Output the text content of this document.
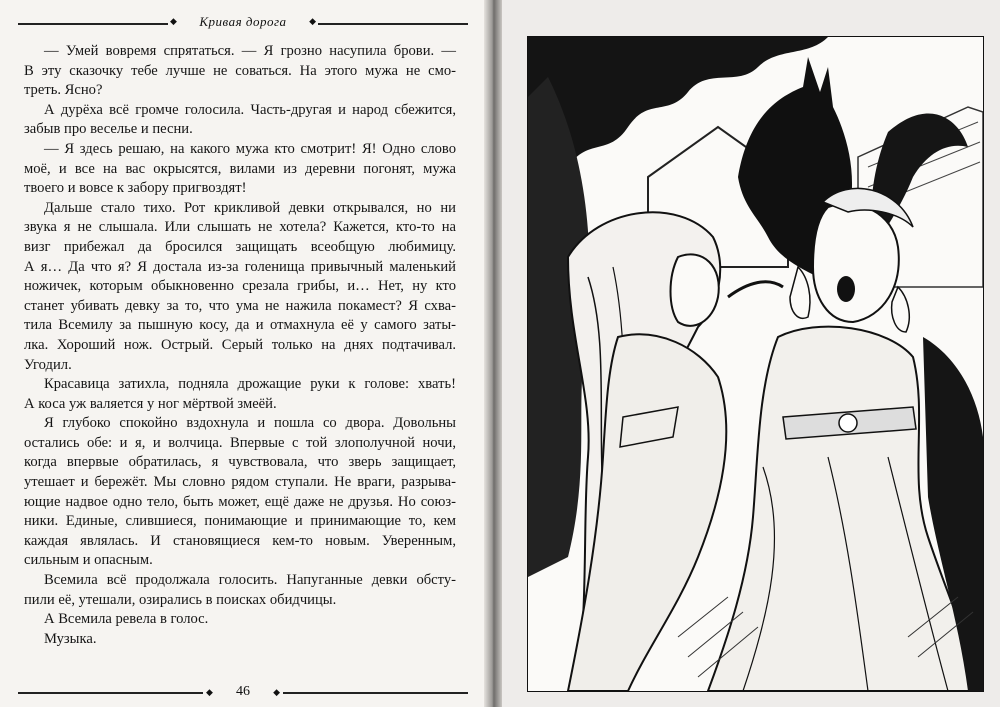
◆	Кривая дорога	◆
— Умей вовремя спрятаться. — Я грозно насупила брови. —
В эту сказочку тебе лучше не соваться. На этого мужа не смо-
треть. Ясно?
А дурёха всё громче голосила. Часть-другая и народ сбежится,
забыв про веселье и песни.
— Я здесь решаю, на какого мужа кто смотрит! Я! Одно слово
моё, и все на вас окрысятся, вилами из деревни погонят, мужа
твоего и вовсе к забору пригвоздят!
Дальше стало тихо. Рот крикливой девки открывался, но ни
звука я не слышала. Или слышать не хотела? Кажется, кто-то на
визг прибежал да бросился защищать всеобщую любимицу.
А я… Да что я? Я достала из-за голенища привычный маленький
ножичек, которым обыкновенно срезала грибы, и… Нет, ну кто
станет убивать девку за то, что ума не нажила покамест? Я схва-
тила Всемилу за пышную косу, да и отмахнула её у самого заты-
лка. Хороший нож. Острый. Серый только на днях подтачивал.
Угодил.
Красавица затихла, подняла дрожащие руки к голове: хвать!
А коса уж валяется у ног мёртвой змеёй.
Я глубоко спокойно вздохнула и пошла со двора. Довольны
остались обе: и я, и волчица. Впервые с той злополучной ночи,
когда впервые обратилась, я чувствовала, что зверь защищает,
утешает и бережёт. Мы словно рядом ступали. Не враги, разрыва-
ющие надвое одно тело, быть может, ещё даже не друзья. Но союз-
ники. Единые, слившиеся, понимающие и принимающие то, кем
каждая являлась. И становящиеся кем-то новым. Уверенным,
сильным и опасным.
Всемила всё продолжала голосить. Напуганные девки обсту-
пили её, утешали, озирались в поисках обидчицы.
А Всемила ревела в голос.
Музыка.
◆	46	◆
